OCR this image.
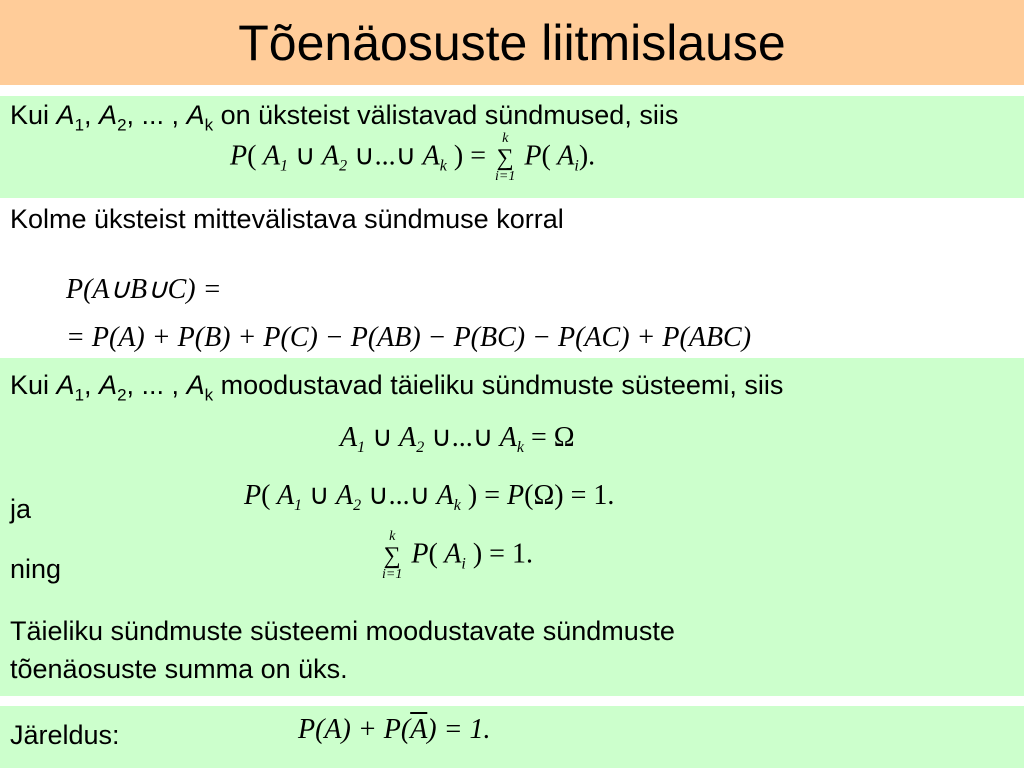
Tõenäosuste liitmislause
Kui $A_1$, $A_2$, ... , $A_k$ on üksteist välistavad sündmused, siis
P( $A_1$ ∪ $A_2$ ∪...∪ $A_k$ ) =
k
∑
i=1
P( $A_i$).
Kolme üksteist mittevälistava sündmuse korral
P(A∪B∪C) =
= P(A) + P(B) + P(C) − P(AB) − P(BC) − P(AC) + P(ABC)
Kui $A_1$, $A_2$, ... , $A_k$ moodustavad täieliku sündmuste süsteemi, siis
$A_1$ ∪ $A_2$ ∪...∪ $A_k = \Omega$
ja	P( $A_1$ ∪ $A_2$ ∪...∪ $A_k$ ) = P(Ω) = 1.
ning
k
∑
i=1
P( $A_i$ ) = 1.
Täieliku sündmuste süsteemi moodustavate sündmuste
tõenäosuste summa on üks.
Järeldus:	$P(A) + P(\overline{A}) = 1$.
